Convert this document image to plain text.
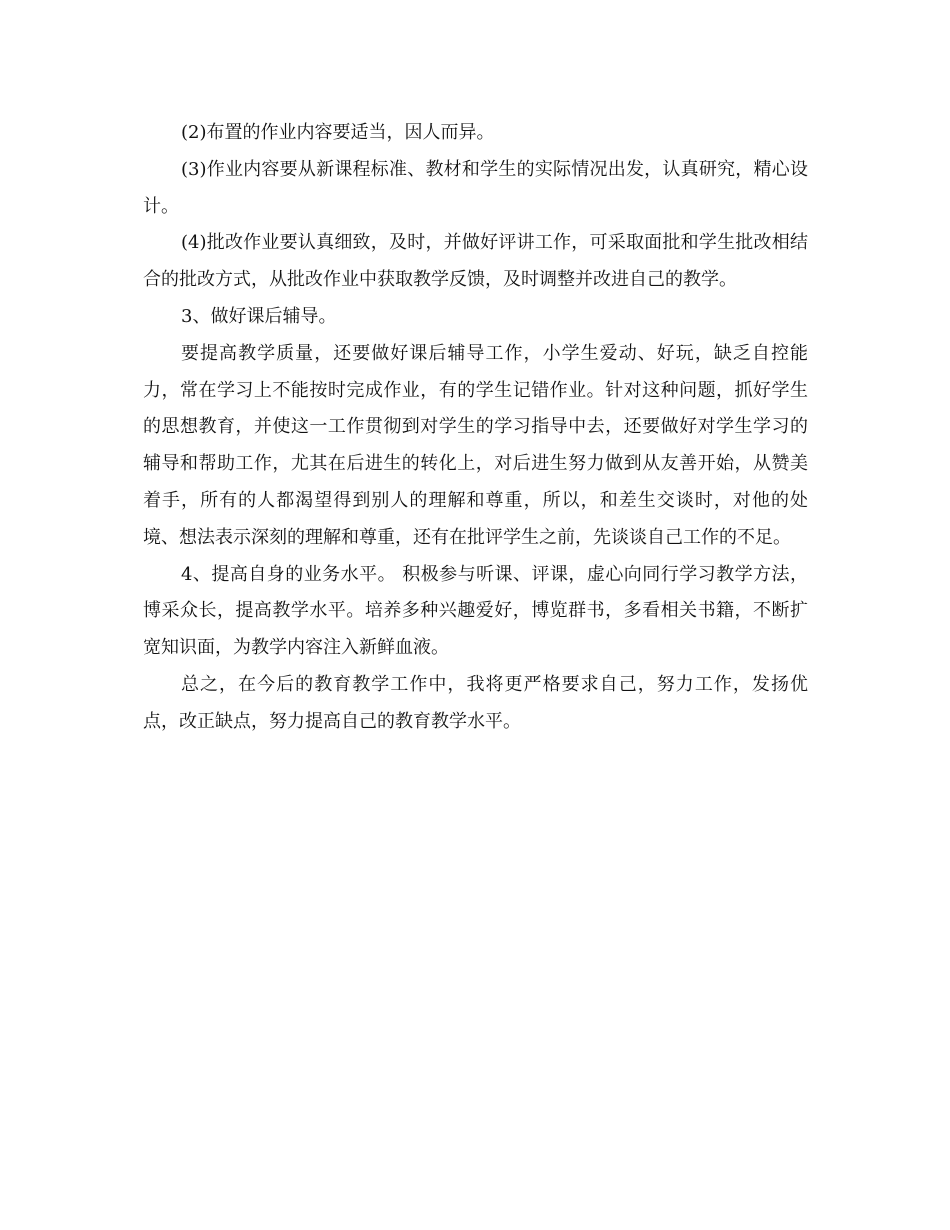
(2)布置的作业内容要适当，因人而异。

(3)作业内容要从新课程标准、教材和学生的实际情况出发，认真研究，精心设计。

(4)批改作业要认真细致，及时，并做好评讲工作，可采取面批和学生批改相结合的批改方式，从批改作业中获取教学反馈，及时调整并改进自己的教学。

3、做好课后辅导。

要提高教学质量，还要做好课后辅导工作，小学生爱动、好玩，缺乏自控能力，常在学习上不能按时完成作业，有的学生记错作业。针对这种问题，抓好学生的思想教育，并使这一工作贯彻到对学生的学习指导中去，还要做好对学生学习的辅导和帮助工作，尤其在后进生的转化上，对后进生努力做到从友善开始，从赞美着手，所有的人都渴望得到别人的理解和尊重，所以，和差生交谈时，对他的处境、想法表示深刻的理解和尊重，还有在批评学生之前，先谈谈自己工作的不足。

4、提高自身的业务水平。 积极参与听课、评课，虚心向同行学习教学方法，博采众长，提高教学水平。培养多种兴趣爱好，博览群书，多看相关书籍，不断扩宽知识面，为教学内容注入新鲜血液。

总之，在今后的教育教学工作中，我将更严格要求自己，努力工作，发扬优点，改正缺点，努力提高自己的教育教学水平。
